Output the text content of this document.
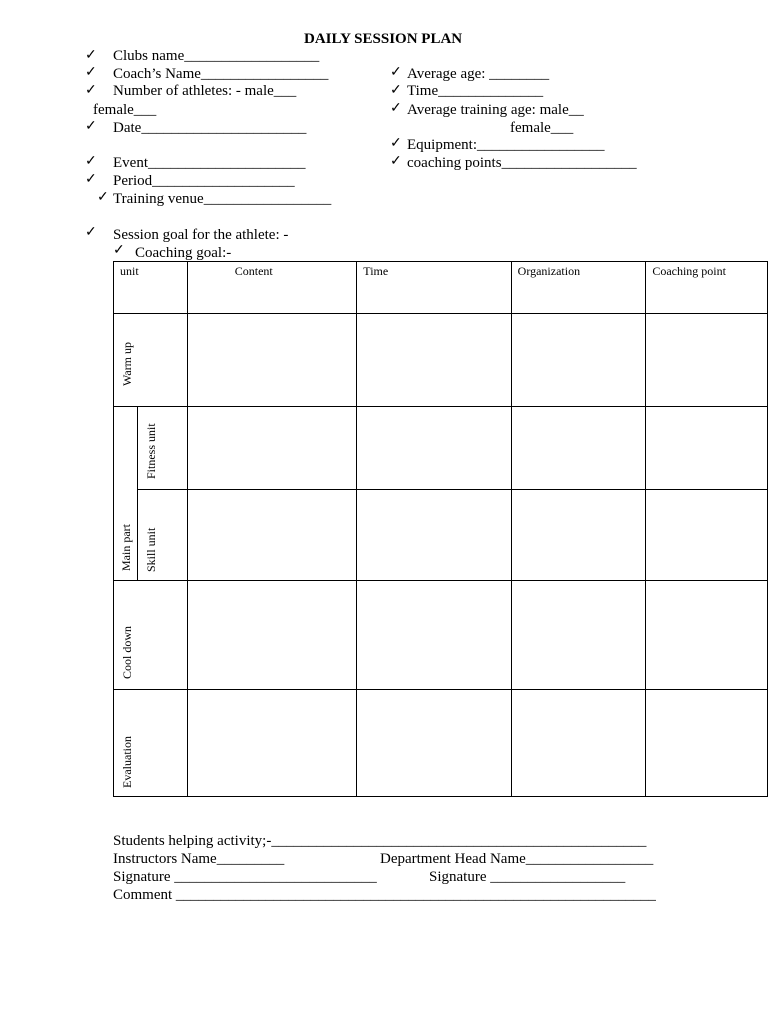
DAILY SESSION PLAN
✓ Clubs name__________________
✓ Coach’s Name_________________
✓ Number of athletes: - male___
female___
✓ Date______________________
✓ Event_____________________
✓ Period___________________
✓ Training venue_________________
✓ Average age: ________
✓ Time______________
✓ Average training age: male__
female___
✓ Equipment:_________________
✓ coaching points__________________
✓ Session goal for the athlete: -
✓ Coaching goal:-
unit		Content	Time	Organization	Coaching point

Warm up					

Main part	Fitness unit				

	Skill unit				

Cool down					

Evaluation					

Students helping activity;-__________________________________________________
Instructors Name_________	Department Head Name_________________
Signature ___________________________	Signature __________________
Comment ________________________________________________________________
